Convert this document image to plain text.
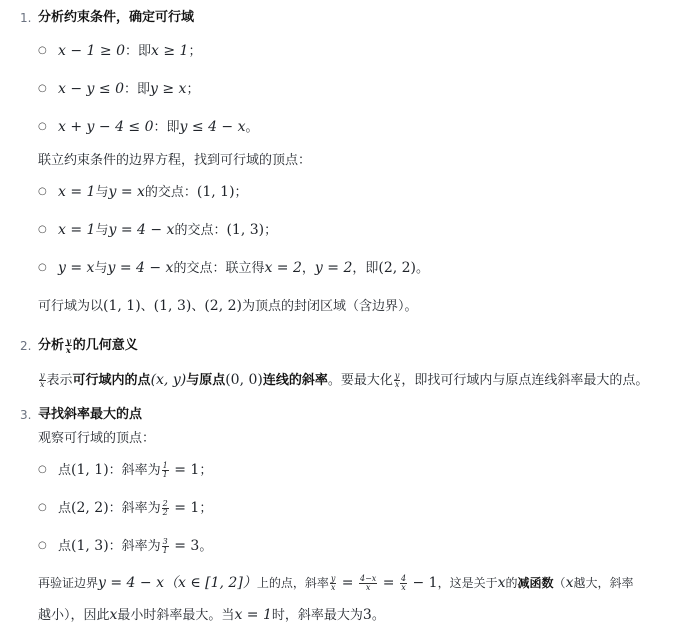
1. 分析约束条件，确定可行域
○ x − 1 ≥ 0：即x ≥ 1；
○ x − y ≤ 0：即y ≥ x；
○ x + y − 4 ≤ 0：即y ≤ 4 − x。
联立约束条件的边界方程，找到可行域的顶点：
○ x = 1与y = x的交点：(1, 1)；
○ x = 1与y = 4 − x的交点：(1, 3)；
○ y = x与y = 4 − x的交点：联立得x = 2，y = 2，即(2, 2)。
可行域为以(1, 1)、(1, 3)、(2, 2)为顶点的封闭区域（含边界）。
2. 分析 $\frac{y}{x}$ 的几何意义
$\frac{y}{x}$ 表示可行域内的点(x, y)与原点(0, 0)连线的斜率。要最大化 $\frac{y}{x}$ ，即找可行域内与原点连线斜率最大的点。
3. 寻找斜率最大的点
观察可行域的顶点：
○ 点(1, 1)：斜率为 $\frac{1}{1} = 1$；
○ 点(2, 2)：斜率为 $\frac{2}{2} = 1$；
○ 点(1, 3)：斜率为 $\frac{3}{1} = 3$。
再验证边界y = 4 − x（x ∈ [1, 2]）上的点，斜率 $\frac{y}{x} = \frac{4-x}{x} = \frac{4}{x} - 1$，这是关于x的减函数（x越大，斜率
越小），因此x最小时斜率最大。当x = 1时，斜率最大为3。
